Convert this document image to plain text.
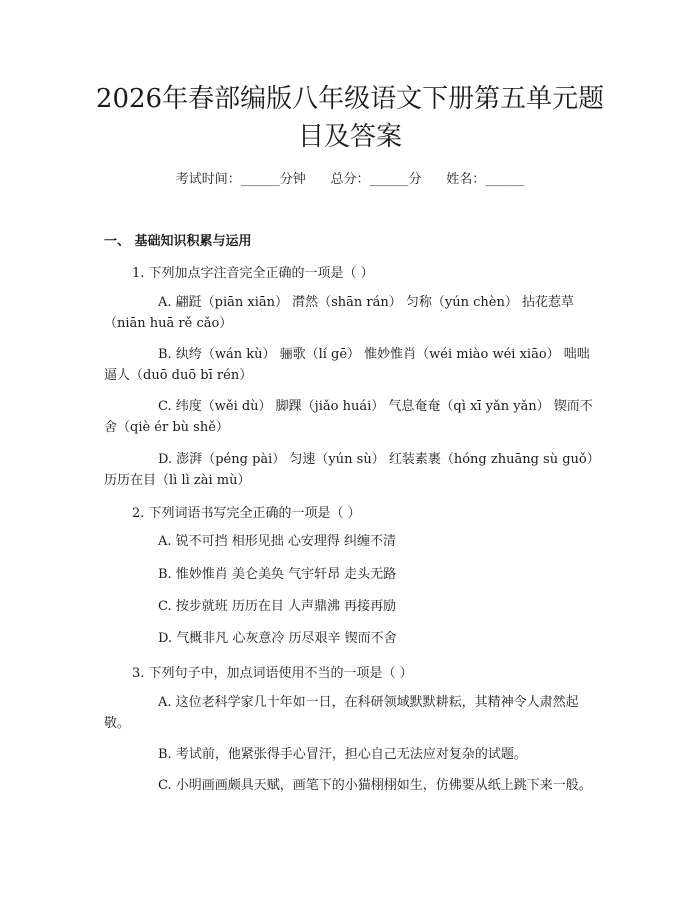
2026年春部编版八年级语文下册第五单元题目及答案
考试时间：______分钟      总分：______分      姓名：______
一、 基础知识积累与运用
1. 下列加点字注音完全正确的一项是（ ）

A. 翩跹（piān xiān） 潸然（shān rán） 匀称（yún chèn） 拈花惹草（niān huā rě cǎo）

B. 纨绔（wán kù） 骊歌（lí gē） 惟妙惟肖（wéi miào wéi xiāo） 咄咄逼人（duō duō bī rén）

C. 纬度（wěi dù） 脚踝（jiǎo huái） 气息奄奄（qì xī yǎn yǎn） 锲而不舍（qiè ér bù shě）

D. 澎湃（péng pài） 匀速（yún sù） 红装素裹（hóng zhuāng sù guǒ） 历历在目（lì lì zài mù）

2. 下列词语书写完全正确的一项是（ ）

A. 锐不可挡 相形见拙 心安理得 纠缠不清

B. 惟妙惟肖 美仑美奂 气宇轩昂 走头无路

C. 按步就班 历历在目 人声鼎沸 再接再励

D. 气概非凡 心灰意冷 历尽艰辛 锲而不舍

3. 下列句子中，加点词语使用不当的一项是（ ）

A. 这位老科学家几十年如一日，在科研领域默默耕耘，其精神令人肃然起敬。

B. 考试前，他紧张得手心冒汗，担心自己无法应对复杂的试题。

C. 小明画画颇具天赋，画笔下的小猫栩栩如生，仿佛要从纸上跳下来一般。
